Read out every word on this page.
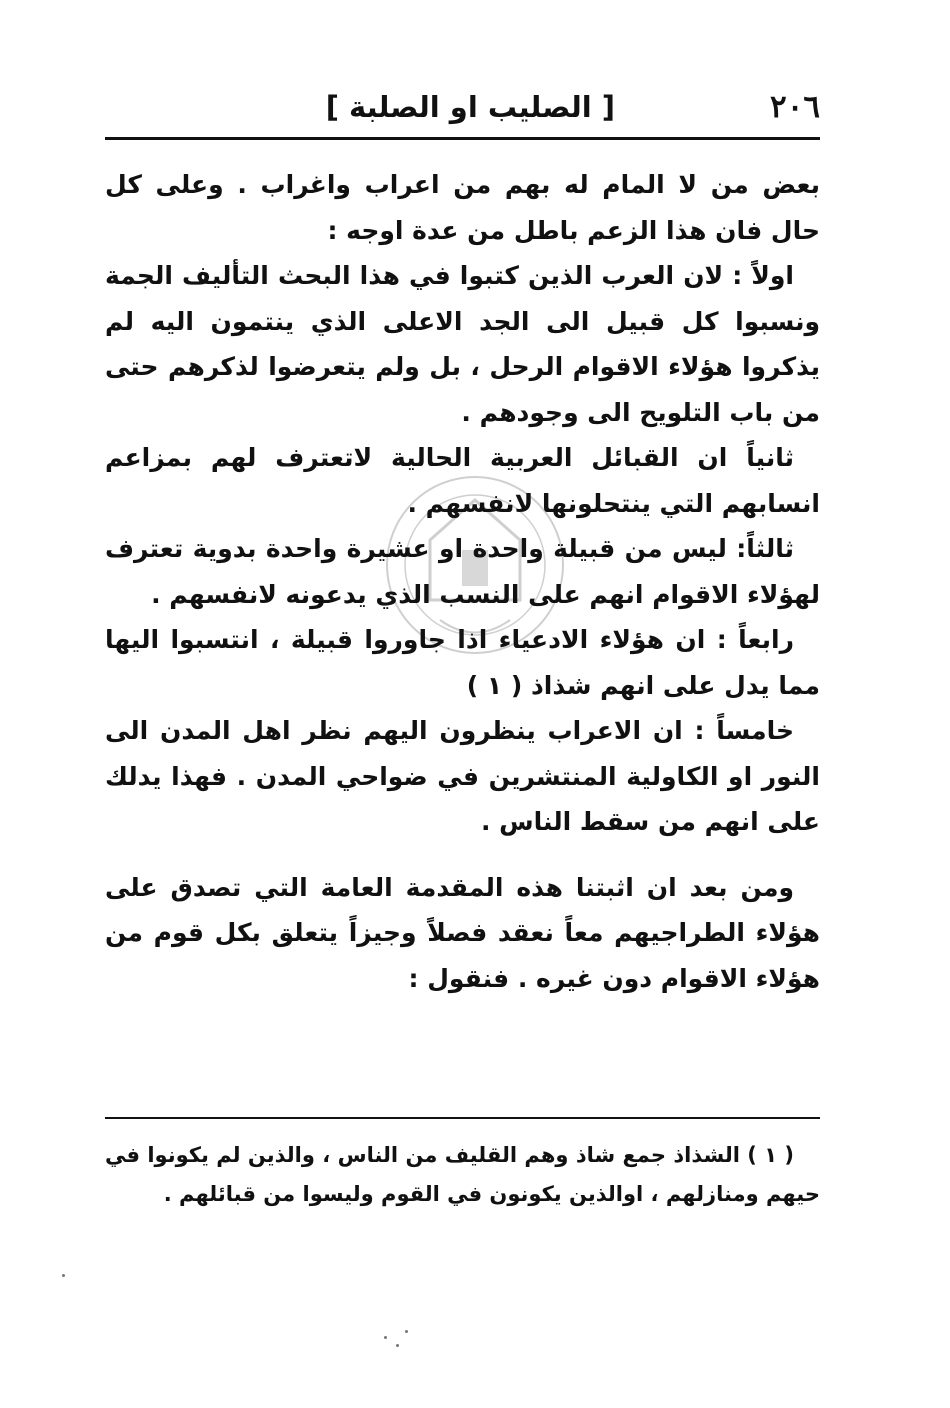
٢٠٦
[ الصليب او الصلبة ]

بعض من لا المام له بهم من اعراب واغراب . وعلى كل حال فان هذا الزعم باطل من عدة اوجه :

اولاً : لان العرب الذين كتبوا في هذا البحث التأليف الجمة ونسبوا كل قبيل الى الجد الاعلى الذي ينتمون اليه لم يذكروا هؤلاء الاقوام الرحل ، بل ولم يتعرضوا لذكرهم حتى من باب التلويح الى وجودهم .

ثانياً ان القبائل العربية الحالية لاتعترف لهم بمزاعم انسابهم التي ينتحلونها لانفسهم .

ثالثاً: ليس من قبيلة واحدة او عشيرة واحدة بدوية تعترف لهؤلاء الاقوام انهم على النسب الذي يدعونه لانفسهم .

رابعاً : ان هؤلاء الادعياء اذا جاوروا قبيلة ، انتسبوا اليها مما يدل على انهم شذاذ ( ١ )

خامساً : ان الاعراب ينظرون اليهم نظر اهل المدن الى النور او الكاولية المنتشرين في ضواحي المدن . فهذا يدلك على انهم من سقط الناس .

ومن بعد ان اثبتنا هذه المقدمة العامة التي تصدق على هؤلاء الطراجيهم معاً نعقد فصلاً وجيزاً يتعلق بكل قوم من هؤلاء الاقوام دون غيره . فنقول :

( ١ ) الشذاذ جمع شاذ وهم القليف من الناس ، والذين لم يكونوا في حيهم ومنازلهم ، اوالذين يكونون في القوم وليسوا من قبائلهم .
